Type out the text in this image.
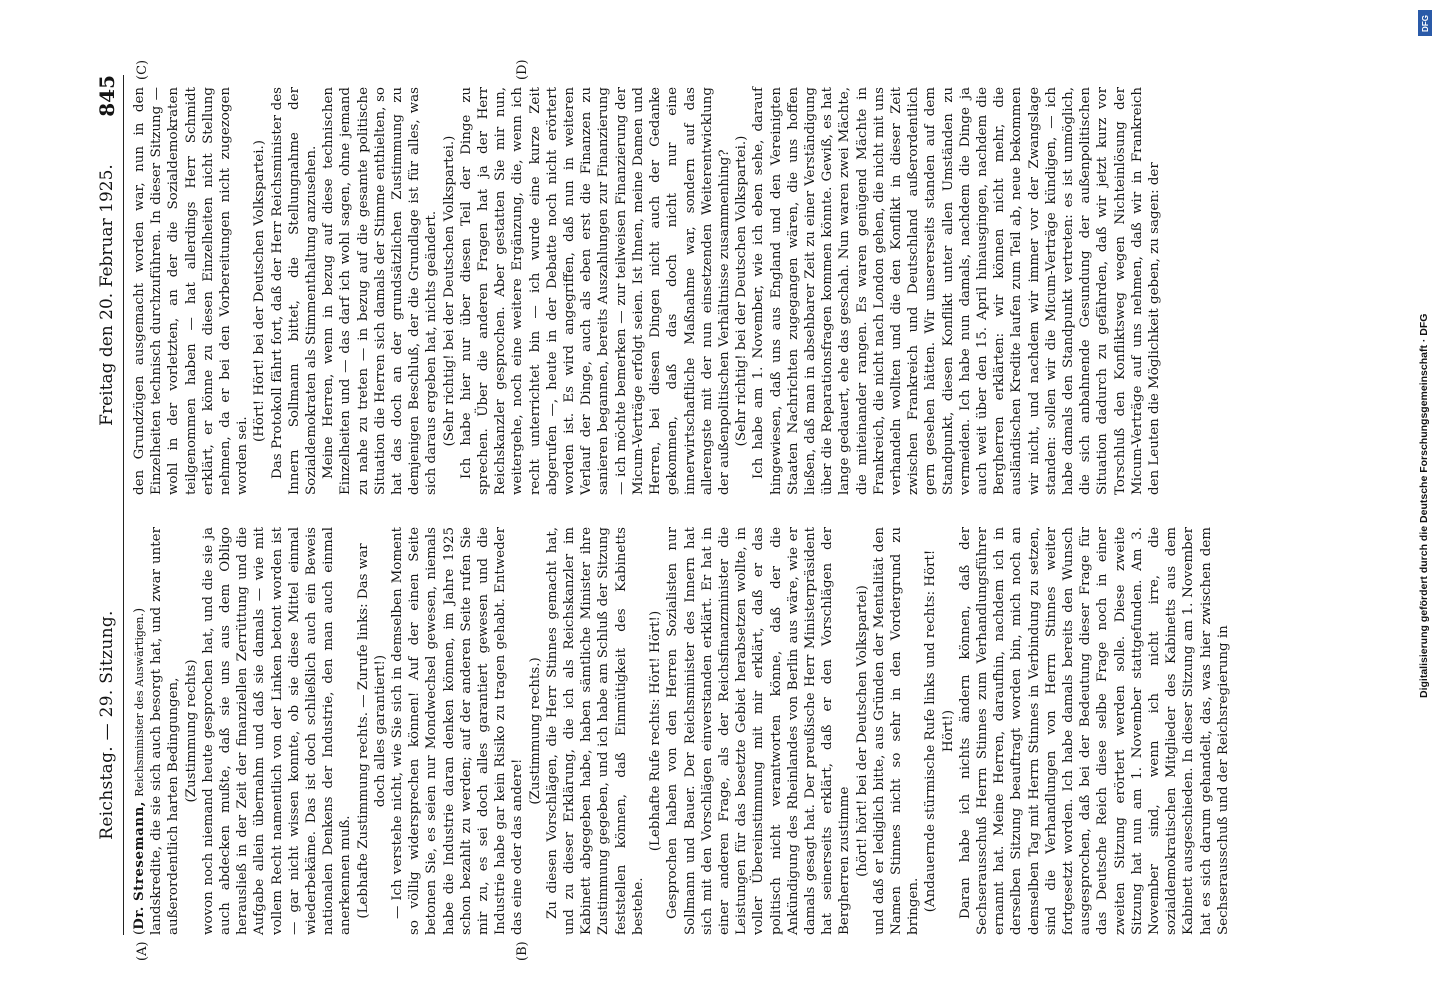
Reichstag. — 29. Sitzung.
Freitag den 20. Februar 1925.
845
(A)	(B)
(C)	(D)

(Dr. Stresemann, Reichsminister des Auswärtigen.) landskredite, die sie sich auch besorgt hat, und zwar unter außerordentlich harten Bedingungen, (Zustimmung rechts) wovon noch niemand heute gesprochen hat, und die sie ja auch abdecken mußte, daß sie uns aus dem Obligo herausließ in der Zeit der finanziellen Zerrüttung und die Aufgabe allein übernahm und daß sie damals — wie mit vollem Recht namentlich von der Linken betont worden ist — gar nicht wissen konnte, ob sie diese Mittel einmal wiederbekäme. Das ist doch schließlich auch ein Beweis nationalen Denkens der Industrie, den man auch einmal anerkennen muß. (Lebhafte Zustimmung rechts. — Zurufe links: Das war doch alles garantiert!) — Ich verstehe nicht, wie Sie sich in demselben Moment so völlig widersprechen können! Auf der einen Seite betonen Sie, es seien nur Mondwechsel gewesen, niemals habe die Industrie daran denken können, im Jahre 1925 schon bezahlt zu werden; auf der anderen Seite rufen Sie mir zu, es sei doch alles garantiert gewesen und die Industrie habe gar kein Risiko zu tragen gehabt. Entweder das eine oder das andere!

(Zustimmung rechts.) Zu diesen Vorschlägen, die Herr Stinnes gemacht hat, und zu dieser Erklärung, die ich als Reichskanzler im Kabinett abgegeben habe, haben sämtliche Minister ihre Zustimmung gegeben, und ich habe am Schluß der Sitzung feststellen können, daß Einmütigkeit des Kabinetts bestehe.

(Lebhafte Rufe rechts: Hört! Hört!) Gesprochen haben von den Herren Sozialisten nur Sollmann und Bauer. Der Reichsminister des Innern hat sich mit den Vorschlägen einverstanden erklärt. Er hat in einer anderen Frage, als der Reichsfinanzminister die Leistungen für das besetzte Gebiet herabsetzen wollte, in voller Übereinstimmung mit mir erklärt, daß er das politisch nicht verantworten könne, daß der die Ankündigung des Rheinlandes von Berlin aus wäre, wie er damals gesagt hat. Der preußische Herr Ministerpräsident hat seinerseits erklärt, daß er den Vorschlägen der Bergherren zustimme (hört! hört! bei der Deutschen Volkspartei) und daß er lediglich bitte, aus Gründen der Mentalität den Namen Stinnes nicht so sehr in den Vordergrund zu bringen. (Andauernde stürmische Rufe links und rechts: Hört! Hört!) Daran habe ich nichts ändern können, daß der Sechserausschuß Herrn Stinnes zum Verhandlungsführer ernannt hat. Meine Herren, daraufhin, nachdem ich in derselben Sitzung beauftragt worden bin, mich noch an demselben Tag mit Herrn Stinnes in Verbindung zu setzen, sind die Verhandlungen von Herrn Stinnes weiter fortgesetzt worden. Ich habe damals bereits den Wunsch ausgesprochen, daß bei der Bedeutung dieser Frage für das Deutsche Reich diese selbe Frage noch in einer zweiten Sitzung erörtert werden solle. Diese zweite Sitzung hat nun am 1. November stattgefunden. Am 3. November sind, wenn ich nicht irre, die sozialdemokratischen Mitglieder des Kabinetts aus dem Kabinett ausgeschieden. In dieser Sitzung am 1. November hat es sich darum gehandelt, das, was hier zwischen dem Sechserausschuß und der Reichsregierung in

den Grundzügen ausgemacht worden war, nun in den Einzelheiten technisch durchzuführen. In dieser Sitzung — wohl in der vorletzten, an der die Sozialdemokraten teilgenommen haben — hat allerdings Herr Schmidt erklärt, er könne zu diesen Einzelheiten nicht Stellung nehmen, da er bei den Vorbereitungen nicht zugezogen worden sei.

(Hört! Hört! bei der Deutschen Volkspartei.) Das Protokoll fährt fort, daß der Herr Reichsminister des Innern Sollmann bittet, die Stellungnahme der Sozialdemokraten als Stimmenthaltung anzusehen. Meine Herren, wenn in bezug auf diese technischen Einzelheiten und — das darf ich wohl sagen, ohne jemand zu nahe zu treten — in bezug auf die gesamte politische Situation die Herren sich damals der Stimme enthielten, so hat das doch an der grundsätzlichen Zustimmung zu demjenigen Beschluß, der die Grundlage ist für alles, was sich daraus ergeben hat, nichts geändert. (Sehr richtig! bei der Deutschen Volkspartei.) Ich habe hier nur über diesen Teil der Dinge zu sprechen. Über die anderen Fragen hat ja der Herr Reichskanzler gesprochen. Aber gestatten Sie mir nun, weitergehe, noch eine weitere Ergänzung, die, wenn ich recht unterrichtet bin — ich wurde eine kurze Zeit abgerufen —, heute in der Debatte noch nicht erörtert worden ist. Es wird angegriffen, daß nun in weiteren Verlauf der Dinge, auch als eben erst die Finanzen zu sanieren begannen, bereits Auszahlungen zur Finanzierung — ich möchte bemerken — zur teilweisen Finanzierung der Micum-Verträge erfolgt seien. Ist Ihnen, meine Damen und Herren, bei diesen Dingen nicht auch der Gedanke gekommen, daß das doch nicht nur eine innerwirtschaftliche Maßnahme war, sondern auf das allerengste mit der nun einsetzenden Weiterentwicklung der außenpolitischen Verhältnisse zusammenhing? (Sehr richtig! bei der Deutschen Volkspartei.) Ich habe am 1. November, wie ich eben sehe, darauf hingewiesen, daß uns aus England und den Vereinigten Staaten Nachrichten zugegangen wären, die uns hoffen ließen, daß man in absehbarer Zeit zu einer Verständigung über die Reparationsfragen kommen könnte. Gewiß, es hat lange gedauert, ehe das geschah. Nun waren zwei Mächte, die miteinander rangen. Es waren genügend Mächte in Frankreich, die nicht nach London gehen, die nicht mit uns verhandeln wollten und die den Konflikt in dieser Zeit zwischen Frankreich und Deutschland außerordentlich gern gesehen hätten. Wir unsererseits standen auf dem Standpunkt, diesen Konflikt unter allen Umständen zu vermeiden. Ich habe nun damals, nachdem die Dinge ja auch weit über den 15. April hinausgingen, nachdem die Bergherren erklärten: wir können nicht mehr, die ausländischen Kredite laufen zum Teil ab, neue bekommen wir nicht, und nachdem wir immer vor der Zwangslage standen: sollen wir die Micum-Verträge kündigen, — ich habe damals den Standpunkt vertreten: es ist unmöglich, die sich anbahnende Gesundung der außenpolitischen Situation dadurch zu gefährden, daß wir jetzt kurz vor Torschluß den Konfliktsweg wegen Nichteinlösung der Micum-Verträge auf uns nehmen, daß wir in Frankreich den Leuten die Möglichkeit geben, zu sagen: der	Digitalisierung gefördert durch die Deutsche Forschungsgemeinschaft · DFG
DFG
